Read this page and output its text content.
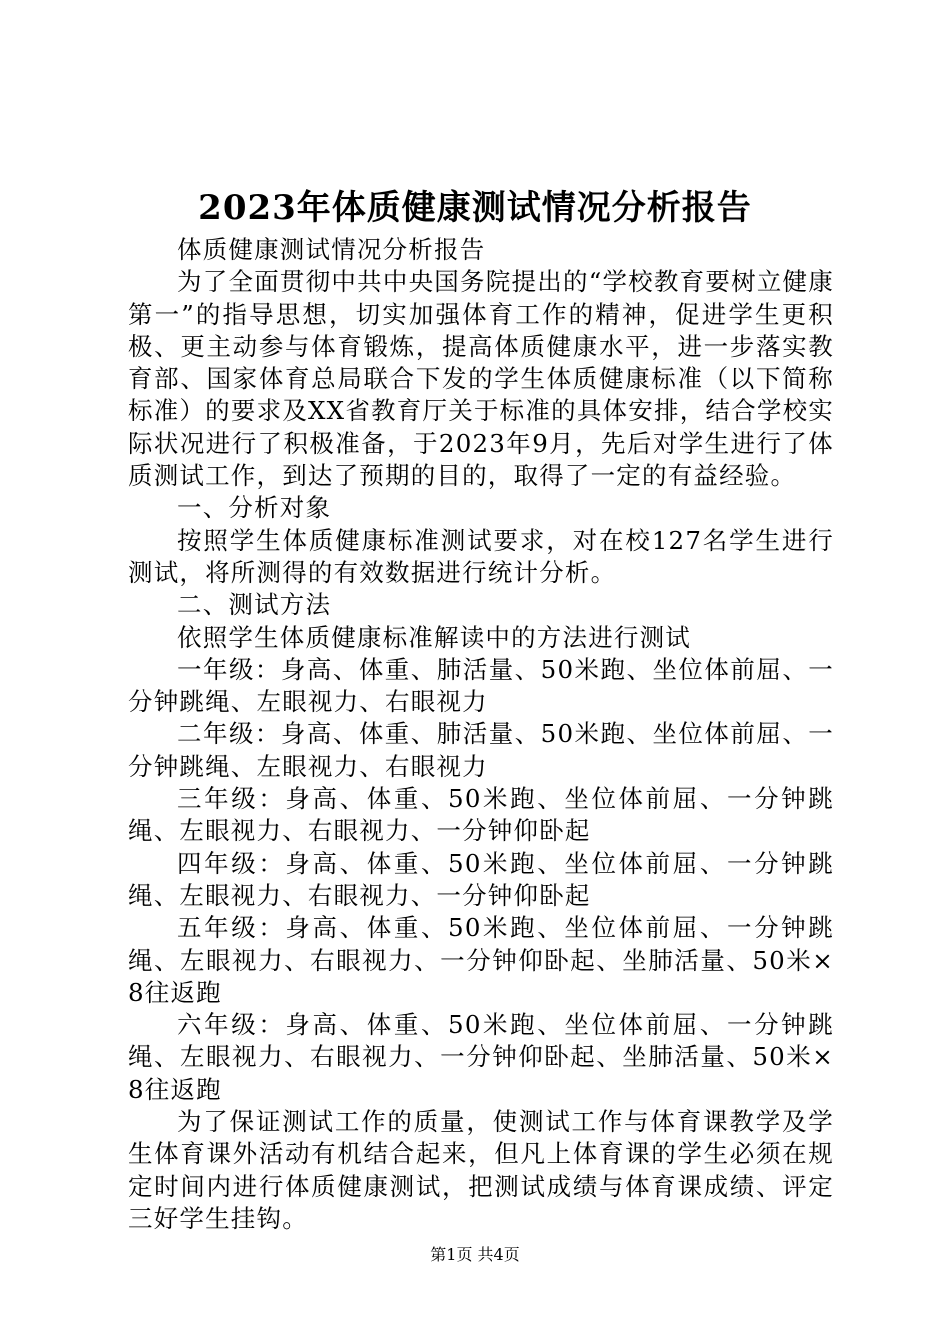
2023年体质健康测试情况分析报告

体质健康测试情况分析报告

为了全面贯彻中共中央国务院提出的“学校教育要树立健康第一”的指导思想，切实加强体育工作的精神，促进学生更积极、更主动参与体育锻炼，提高体质健康水平，进一步落实教育部、国家体育总局联合下发的学生体质健康标准（以下简称标准）的要求及XX省教育厅关于标准的具体安排，结合学校实际状况进行了积极准备，于2023年9月，先后对学生进行了体质测试工作，到达了预期的目的，取得了一定的有益经验。

一、分析对象

按照学生体质健康标准测试要求，对在校127名学生进行测试，将所测得的有效数据进行统计分析。

二、测试方法

依照学生体质健康标准解读中的方法进行测试

一年级：身高、体重、肺活量、50米跑、坐位体前屈、一分钟跳绳、左眼视力、右眼视力

二年级：身高、体重、肺活量、50米跑、坐位体前屈、一分钟跳绳、左眼视力、右眼视力

三年级：身高、体重、50米跑、坐位体前屈、一分钟跳绳、左眼视力、右眼视力、一分钟仰卧起

四年级：身高、体重、50米跑、坐位体前屈、一分钟跳绳、左眼视力、右眼视力、一分钟仰卧起

五年级：身高、体重、50米跑、坐位体前屈、一分钟跳绳、左眼视力、右眼视力、一分钟仰卧起、坐肺活量、50米×8往返跑

六年级：身高、体重、50米跑、坐位体前屈、一分钟跳绳、左眼视力、右眼视力、一分钟仰卧起、坐肺活量、50米×8往返跑

为了保证测试工作的质量，使测试工作与体育课教学及学生体育课外活动有机结合起来，但凡上体育课的学生必须在规定时间内进行体质健康测试，把测试成绩与体育课成绩、评定三好学生挂钩。

第1页 共4页
